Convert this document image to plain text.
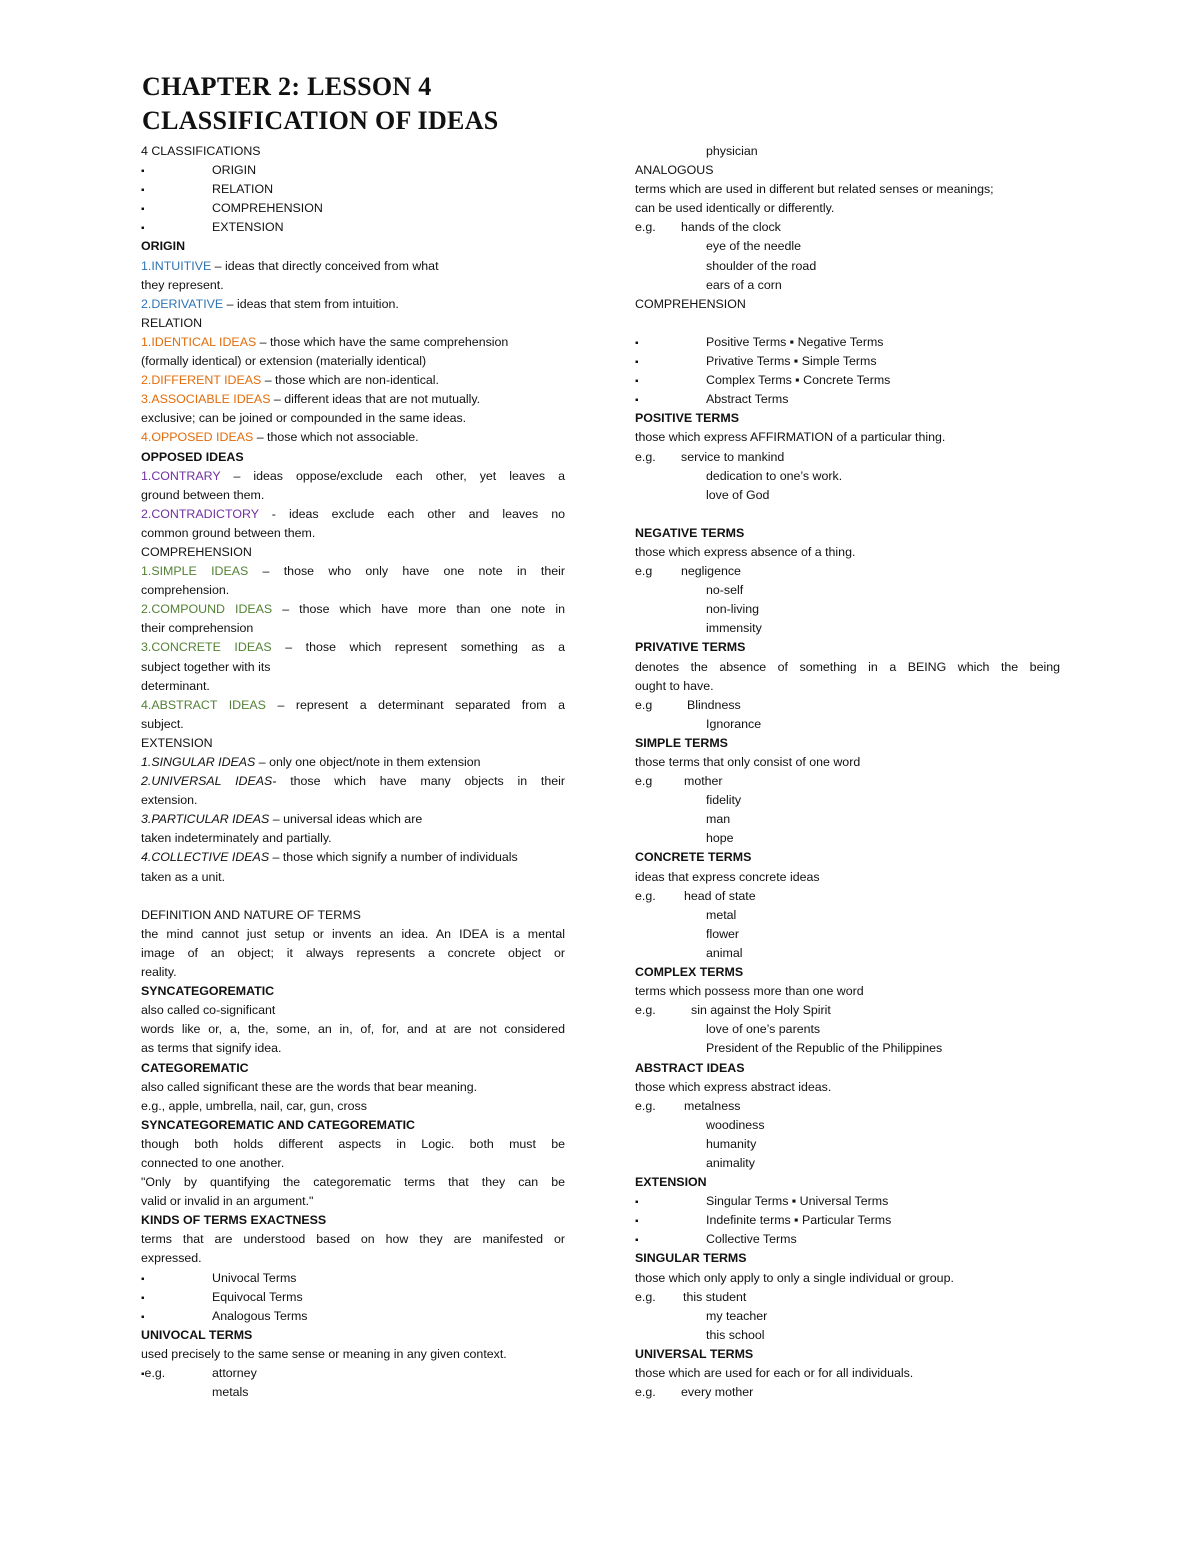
CHAPTER 2: LESSON 4
CLASSIFICATION OF IDEAS
4 CLASSIFICATIONS
▪ORIGIN
▪RELATION
▪COMPREHENSION
▪EXTENSION
ORIGIN
1.INTUITIVE – ideas that directly conceived from what
they represent.
2.DERIVATIVE – ideas that stem from intuition.
RELATION
1.IDENTICAL IDEAS – those which have the same comprehension
(formally identical) or extension (materially identical)
2.DIFFERENT IDEAS – those which are non-identical.
3.ASSOCIABLE IDEAS – different ideas that are not mutually.
exclusive; can be joined or compounded in the same ideas.
4.OPPOSED IDEAS – those which not associable.
OPPOSED IDEAS
1.CONTRARY – ideas oppose/exclude each other, yet leaves a
ground between them.
2.CONTRADICTORY - ideas exclude each other and leaves no
common ground between them.
COMPREHENSION
1.SIMPLE IDEAS – those who only have one note in their
comprehension.
2.COMPOUND IDEAS – those which have more than one note in
their comprehension
3.CONCRETE IDEAS – those which represent something as a
subject together with its
determinant.
4.ABSTRACT IDEAS – represent a determinant separated from a
subject.
EXTENSION
1.SINGULAR IDEAS – only one object/note in them extension
2.UNIVERSAL IDEAS- those which have many objects in their
extension.
3.PARTICULAR IDEAS – universal ideas which are
taken indeterminately and partially.
4.COLLECTIVE IDEAS – those which signify a number of individuals
taken as a unit.
DEFINITION AND NATURE OF TERMS
the mind cannot just setup or invents an idea. An IDEA is a mental
image of an object; it always represents a concrete object or
reality.
SYNCATEGOREMATIC
also called co-significant
words like or, a, the, some, an in, of, for, and at are not considered
as terms that signify idea.
CATEGOREMATIC
also called significant these are the words that bear meaning.
e.g., apple, umbrella, nail, car, gun, cross
SYNCATEGOREMATIC AND CATEGOREMATIC
though both holds different aspects in Logic. both must be
connected to one another.
"Only by quantifying the categorematic terms that they can be
valid or invalid in an argument."
KINDS OF TERMS EXACTNESS
terms that are understood based on how they are manifested or
expressed.
▪Univocal Terms
▪Equivocal Terms
▪Analogous Terms
UNIVOCAL TERMS
used precisely to the same sense or meaning in any given context.
▪ e.g.	attorney
metals
physician
ANALOGOUS
terms which are used in different but related senses or meanings;
can be used identically or differently.
e.g. hands of the clock
eye of the needle
shoulder of the road
ears of a corn
COMPREHENSION
▪Positive Terms ▪ Negative Terms
▪Privative Terms ▪ Simple Terms
▪Complex Terms ▪ Concrete Terms
▪Abstract Terms
POSITIVE TERMS
those which express AFFIRMATION of a particular thing.
e.g. service to mankind
dedication to one’s work.
love of God
NEGATIVE TERMS
those which express absence of a thing.
e.g negligence
no-self
non-living
immensity
PRIVATIVE TERMS
denotes the absence of something in a BEING which the being
ought to have.
e.g	Blindness
Ignorance
SIMPLE TERMS
those terms that only consist of one word
e.g	mother
fidelity
man
hope
CONCRETE TERMS
ideas that express concrete ideas
e.g. head of state
metal
flower
animal
COMPLEX TERMS
terms which possess more than one word
e.g.	sin against the Holy Spirit
love of one’s parents
President of the Republic of the Philippines
ABSTRACT IDEAS
those which express abstract ideas.
e.g. metalness
woodiness
humanity
animality
EXTENSION
▪Singular Terms ▪ Universal Terms
▪Indefinite terms ▪ Particular Terms
▪Collective Terms
SINGULAR TERMS
those which only apply to only a single individual or group.
e.g. this student
my teacher
this school
UNIVERSAL TERMS
those which are used for each or for all individuals.
e.g. every mother
